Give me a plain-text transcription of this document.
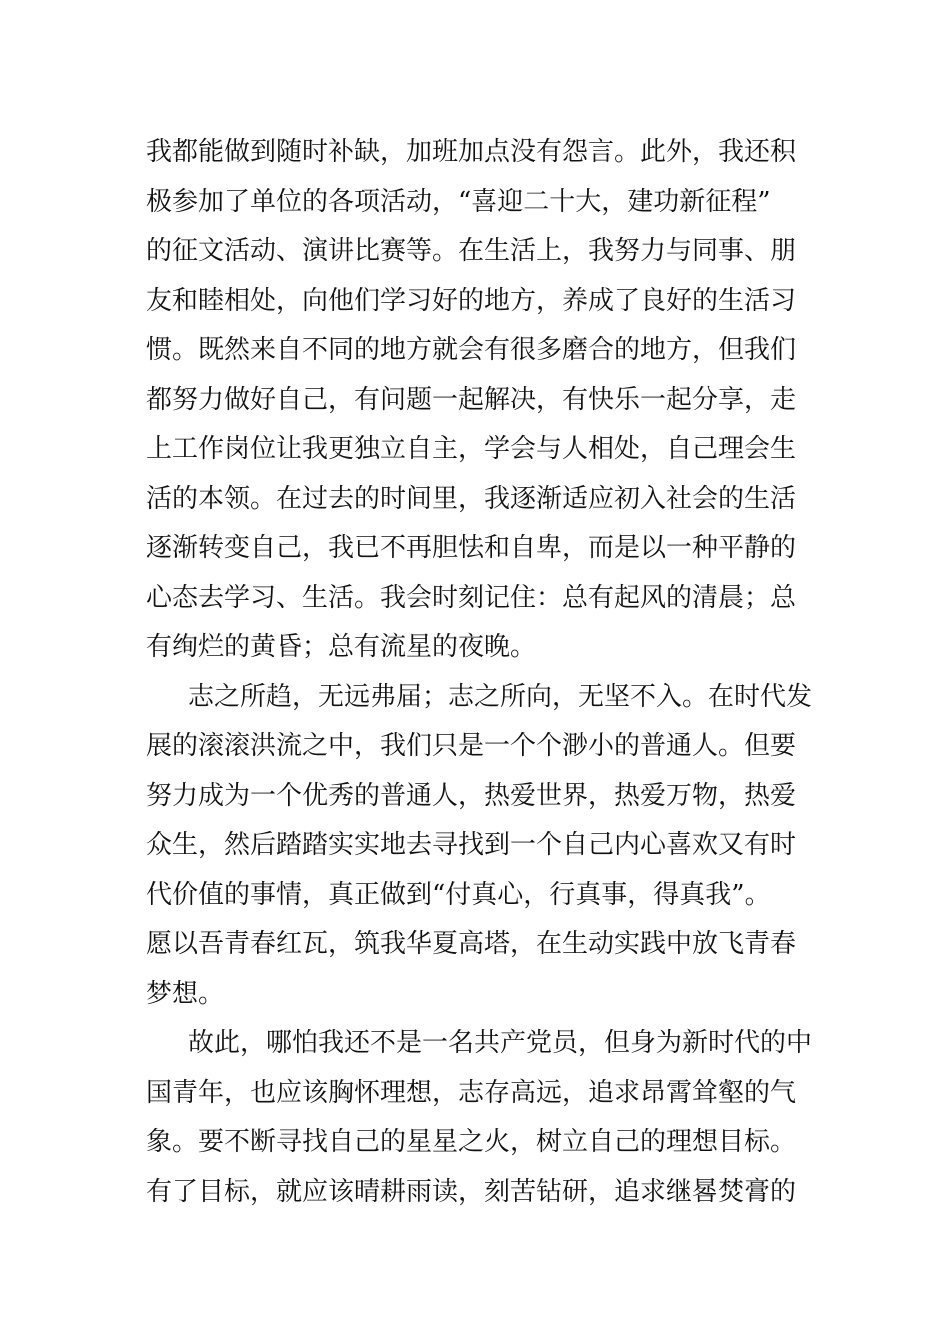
我都能做到随时补缺，加班加点没有怨言。此外，我还积
极参加了单位的各项活动，“喜迎二十大，建功新征程”
的征文活动、演讲比赛等。在生活上，我努力与同事、朋
友和睦相处，向他们学习好的地方，养成了良好的生活习
惯。既然来自不同的地方就会有很多磨合的地方，但我们
都努力做好自己，有问题一起解决，有快乐一起分享，走
上工作岗位让我更独立自主，学会与人相处，自己理会生
活的本领。在过去的时间里，我逐渐适应初入社会的生活
逐渐转变自己，我已不再胆怯和自卑，而是以一种平静的
心态去学习、生活。我会时刻记住：总有起风的清晨；总
有绚烂的黄昏；总有流星的夜晚。
志之所趋，无远弗届；志之所向，无坚不入。在时代发
展的滚滚洪流之中，我们只是一个个渺小的普通人。但要
努力成为一个优秀的普通人，热爱世界，热爱万物，热爱
众生，然后踏踏实实地去寻找到一个自己内心喜欢又有时
代价值的事情，真正做到“付真心，行真事，得真我”。
愿以吾青春红瓦，筑我华夏高塔，在生动实践中放飞青春
梦想。
故此，哪怕我还不是一名共产党员，但身为新时代的中
国青年，也应该胸怀理想，志存高远，追求昂霄耸壑的气
象。要不断寻找自己的星星之火，树立自己的理想目标。
有了目标，就应该晴耕雨读，刻苦钻研，追求继晷焚膏的
